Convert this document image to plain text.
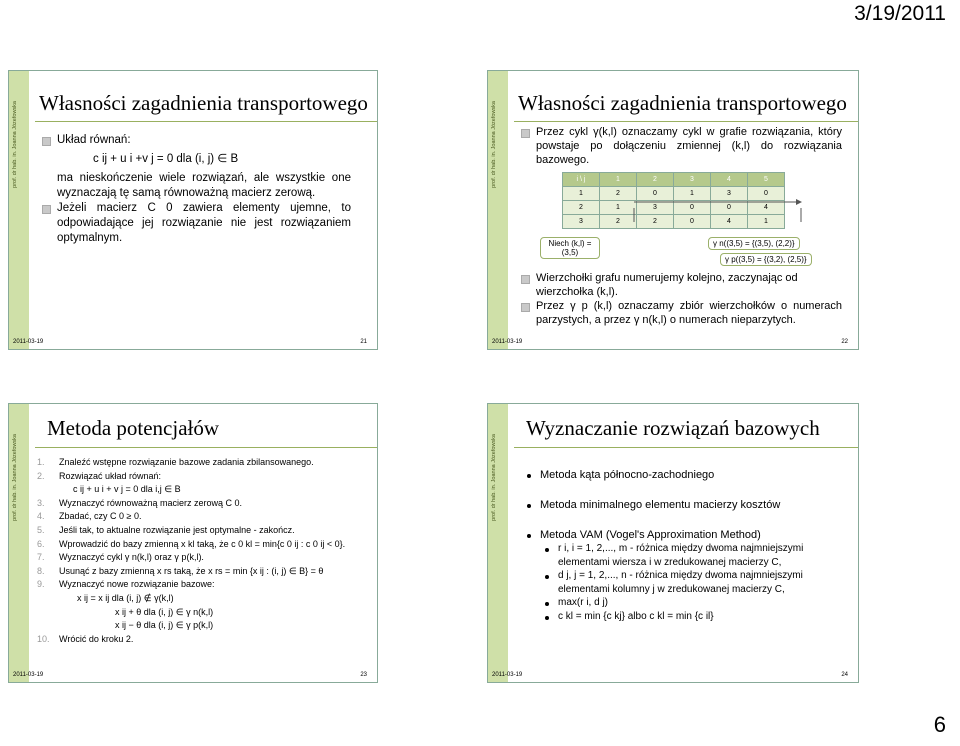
3/19/2011
prof. dr hab. in. Joanna Józefowska Własności zagadnienia transportowego
Układ równań:
c ij + u i +v j = 0 dla (i, j) ∈ B
ma nieskończenie wiele rozwiązań, ale wszystkie one wyznaczają tę samą równoważną macierz zerową.
Jeżeli macierz C 0 zawiera elementy ujemne, to odpowiadające jej rozwiązanie nie jest rozwiązaniem optymalnym.
2011-03-19	21
prof. dr hab. in. Joanna Józefowska Własności zagadnienia transportowego
Przez cykl γ(k,l) oznaczamy cykl w grafie rozwiązania, który powstaje po dołączeniu zmiennej (k,l) do rozwiązania bazowego.
i \ j	1	2	3	4	5
1	2	0	1	3	0
2	1	3	0	0	4
3	2	2	0	4	1
Niech (k,l) = (3,5)
γ n((3,5) = {(3,5), (2,2)}
γ p((3,5) = {(3,2), (2,5)}
Wierzchołki grafu numerujemy kolejno, zaczynając od wierzchołka (k,l).
Przez γ p (k,l) oznaczamy zbiór wierzchołków o numerach parzystych, a przez γ n(k,l) o numerach nieparzytych.
2011-03-19	22
prof. dr hab. in. Joanna Józefowska
Metoda potencjałów
1.	Znaleźć wstępne rozwiązanie bazowe zadania zbilansowanego.
2.	Rozwiązać układ równań:
c ij + u i + v j = 0 dla i,j ∈ B
3.	Wyznaczyć równoważną macierz zerową C 0.
4.	Zbadać, czy C 0 ≥ 0.
5.	Jeśli tak, to aktualne rozwiązanie jest optymalne - zakończ.
6.	Wprowadzić do bazy zmienną x kl taką, że c 0 kl = min{c 0 ij : c 0 ij < 0}.
7.	Wyznaczyć cykl γ n(k,l) oraz γ p(k,l).
8.	Usunąć z bazy zmienną x rs taką, że x rs = min {x ij : (i, j) ∈ B} = θ
9.	Wyznaczyć nowe rozwiązanie bazowe:
x ij = x ij dla (i, j) ∉ γ(k,l)
x ij + θ dla (i, j) ∈ γ n(k,l)
x ij − θ dla (i, j) ∈ γ p(k,l)
10.	Wrócić do kroku 2.
2011-03-19	23
prof. dr hab. in. Joanna Józefowska
Wyznaczanie rozwiązań bazowych
Metoda kąta północno-zachodniego
Metoda minimalnego elementu macierzy kosztów
Metoda VAM (Vogel's Approximation Method)
r i, i = 1, 2,..., m - różnica między dwoma najmniejszymi elementami wiersza i w zredukowanej macierzy C,
d j, j = 1, 2,..., n - różnica między dwoma najmniejszymi elementami kolumny j w zredukowanej macierzy C,
max(r i, d j)
c kl = min {c kj} albo c kl = min {c il}
2011-03-19	24
6
